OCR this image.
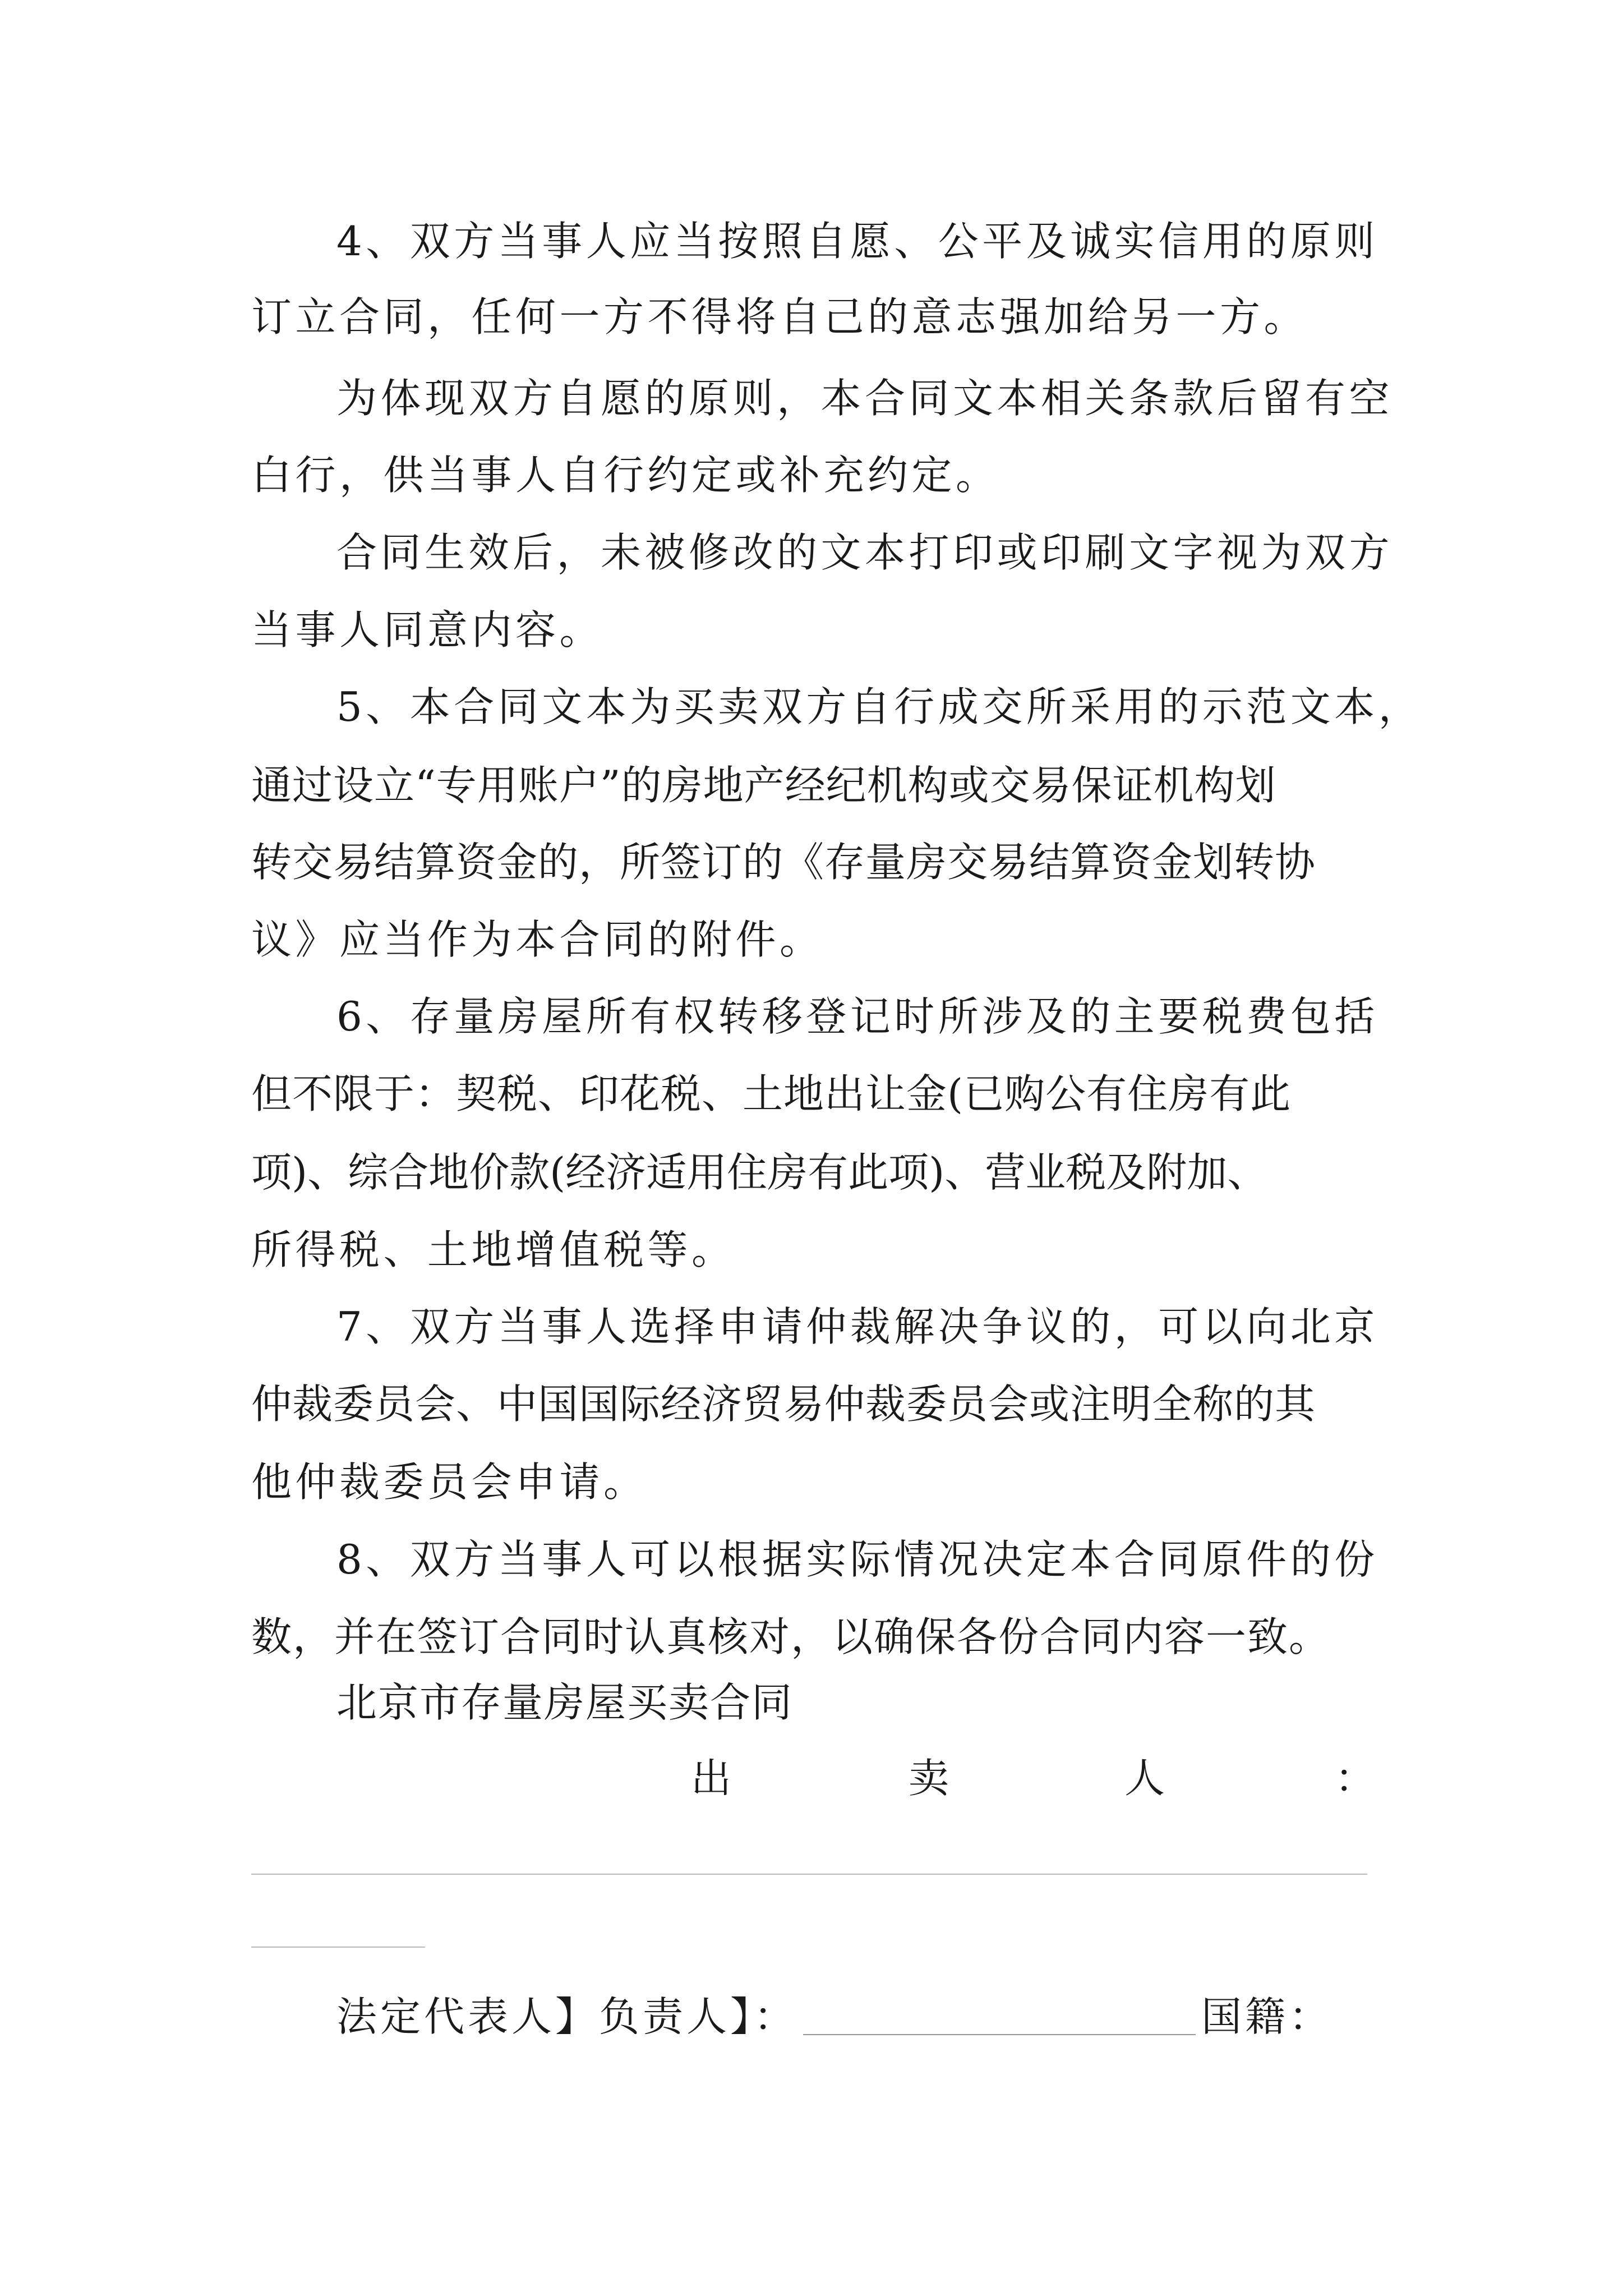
4、双方当事人应当按照自愿、公平及诚实信用的原则
订立合同，任何一方不得将自己的意志强加给另一方。
为体现双方自愿的原则，本合同文本相关条款后留有空
白行，供当事人自行约定或补充约定。
合同生效后，未被修改的文本打印或印刷文字视为双方
当事人同意内容。
5、本合同文本为买卖双方自行成交所采用的示范文本，
通过设立“专用账户”的房地产经纪机构或交易保证机构划
转交易结算资金的，所签订的《存量房交易结算资金划转协
议》应当作为本合同的附件。
6、存量房屋所有权转移登记时所涉及的主要税费包括
但不限于：契税、印花税、土地出让金(已购公有住房有此
项)、综合地价款(经济适用住房有此项)、营业税及附加、
所得税、土地增值税等。
7、双方当事人选择申请仲裁解决争议的，可以向北京
仲裁委员会、中国国际经济贸易仲裁委员会或注明全称的其
他仲裁委员会申请。
8、双方当事人可以根据实际情况决定本合同原件的份
数，并在签订合同时认真核对，以确保各份合同内容一致。
北京市存量房屋买卖合同
出	卖	人	：
法定代表人】负责人】：	国籍：
